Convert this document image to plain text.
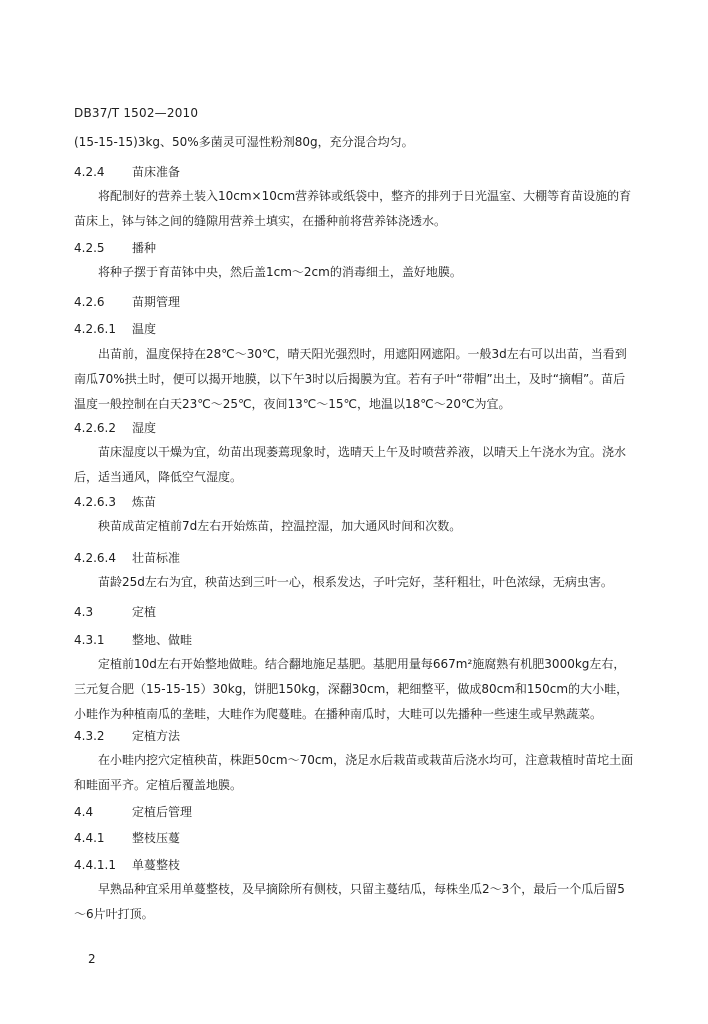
DB37/T 1502—2010

(15-15-15)3kg、50%多菌灵可湿性粉剂80g，充分混合均匀。

4.2.4 苗床准备

将配制好的营养土装入10cm×10cm营养钵或纸袋中，整齐的排列于日光温室、大棚等育苗设施的育苗床上，钵与钵之间的缝隙用营养土填实，在播种前将营养钵浇透水。

4.2.5 播种

将种子摆于育苗钵中央，然后盖1cm～2cm的消毒细土，盖好地膜。

4.2.6 苗期管理
4.2.6.1 温度

出苗前，温度保持在28℃～30℃，晴天阳光强烈时，用遮阳网遮阳。一般3d左右可以出苗，当看到南瓜70%拱土时，便可以揭开地膜，以下午3时以后揭膜为宜。若有子叶“带帽”出土，及时“摘帽”。苗后温度一般控制在白天23℃～25℃，夜间13℃～15℃，地温以18℃～20℃为宜。

4.2.6.2 湿度

苗床湿度以干燥为宜，幼苗出现萎蔫现象时，选晴天上午及时喷营养液，以晴天上午浇水为宜。浇水后，适当通风，降低空气湿度。

4.2.6.3 炼苗

秧苗成苗定植前7d左右开始炼苗，控温控湿，加大通风时间和次数。

4.2.6.4 壮苗标准

苗龄25d左右为宜，秧苗达到三叶一心，根系发达，子叶完好，茎秆粗壮，叶色浓绿，无病虫害。

4.3	定植
4.3.1 整地、做畦

定植前10d左右开始整地做畦。结合翻地施足基肥。基肥用量每667m²施腐熟有机肥3000kg左右，三元复合肥（15-15-15）30kg，饼肥150kg，深翻30cm，耙细整平，做成80cm和150cm的大小畦，小畦作为种植南瓜的垄畦，大畦作为爬蔓畦。在播种南瓜时，大畦可以先播种一些速生或早熟蔬菜。

4.3.2 定植方法

在小畦内挖穴定植秧苗，株距50cm～70cm，浇足水后栽苗或栽苗后浇水均可，注意栽植时苗坨土面和畦面平齐。定植后覆盖地膜。

4.4	定植后管理
4.4.1 整枝压蔓
4.4.1.1 单蔓整枝

早熟品种宜采用单蔓整枝，及早摘除所有侧枝，只留主蔓结瓜，每株坐瓜2～3个，最后一个瓜后留5～6片叶打顶。

2
